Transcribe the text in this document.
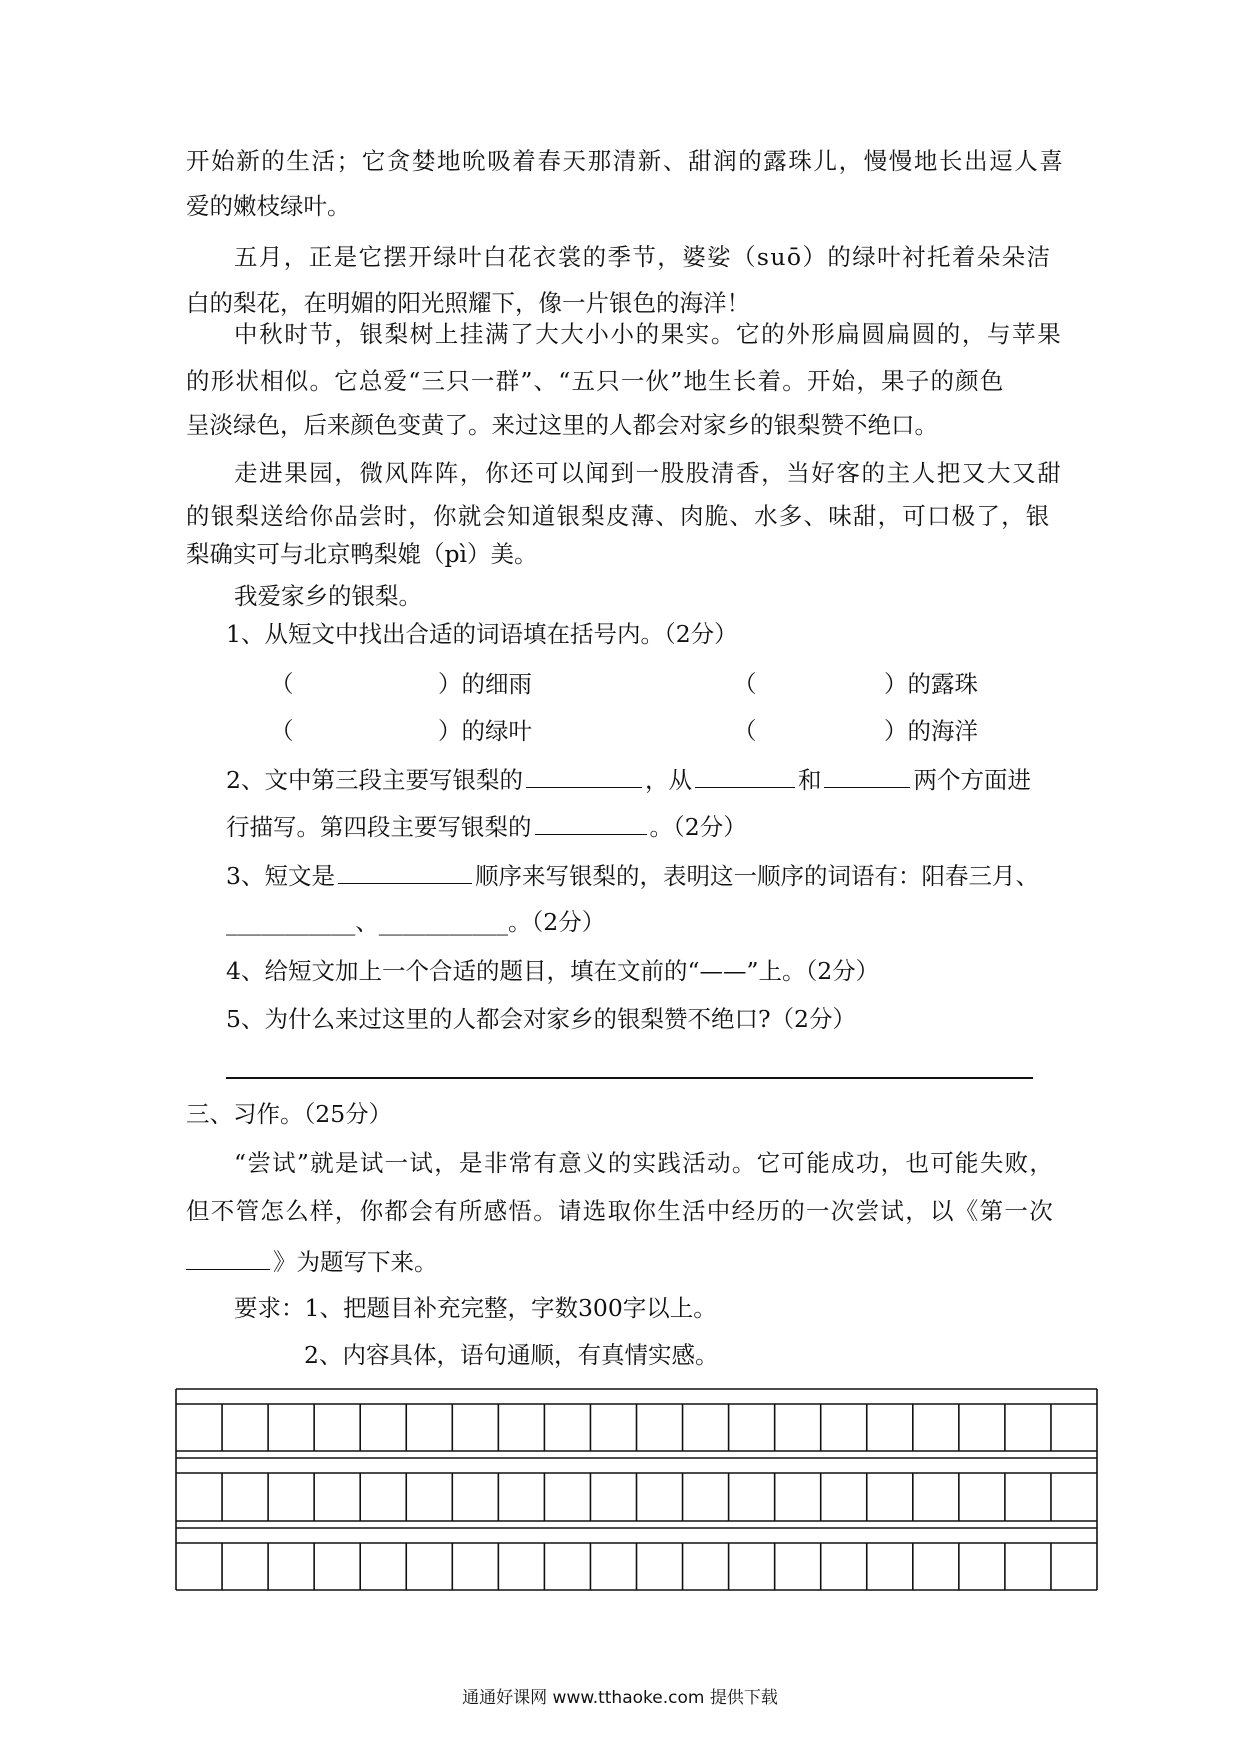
开始新的生活；它贪婪地吮吸着春天那清新、甜润的露珠儿，慢慢地长出逗人喜
爱的嫩枝绿叶。
五月，正是它摆开绿叶白花衣裳的季节，婆娑（suō）的绿叶衬托着朵朵洁
白的梨花，在明媚的阳光照耀下，像一片银色的海洋！
中秋时节，银梨树上挂满了大大小小的果实。它的外形扁圆扁圆的，与苹果
的形状相似。它总爱“三只一群”、“五只一伙”地生长着。开始，果子的颜色
呈淡绿色，后来颜色变黄了。来过这里的人都会对家乡的银梨赞不绝口。
走进果园，微风阵阵，你还可以闻到一股股清香，当好客的主人把又大又甜
的银梨送给你品尝时，你就会知道银梨皮薄、肉脆、水多、味甜，可口极了，银
梨确实可与北京鸭梨媲（pì）美。
我爱家乡的银梨。
1、从短文中找出合适的词语填在括号内。（2分）
（	）的细雨	（	）的露珠
（	）的绿叶	（	）的海洋
2、文中第三段主要写银梨的	，从	和	两个方面进
行描写。第四段主要写银梨的	。（2分）
3、短文是	顺序来写银梨的，表明这一顺序的词语有：阳春三月、
___________、___________。（2分）
4、给短文加上一个合适的题目，填在文前的“——”上。（2分）
5、为什么来过这里的人都会对家乡的银梨赞不绝口?（2分）
三、习作。（25分）
“尝试”就是试一试，是非常有意义的实践活动。它可能成功，也可能失败，
但不管怎么样，你都会有所感悟。请选取你生活中经历的一次尝试，以《第一次
》为题写下来。
要求：1、把题目补充完整，字数300字以上。
2、内容具体，语句通顺，有真情实感。
通通好课网 www.tthaoke.com 提供下载
